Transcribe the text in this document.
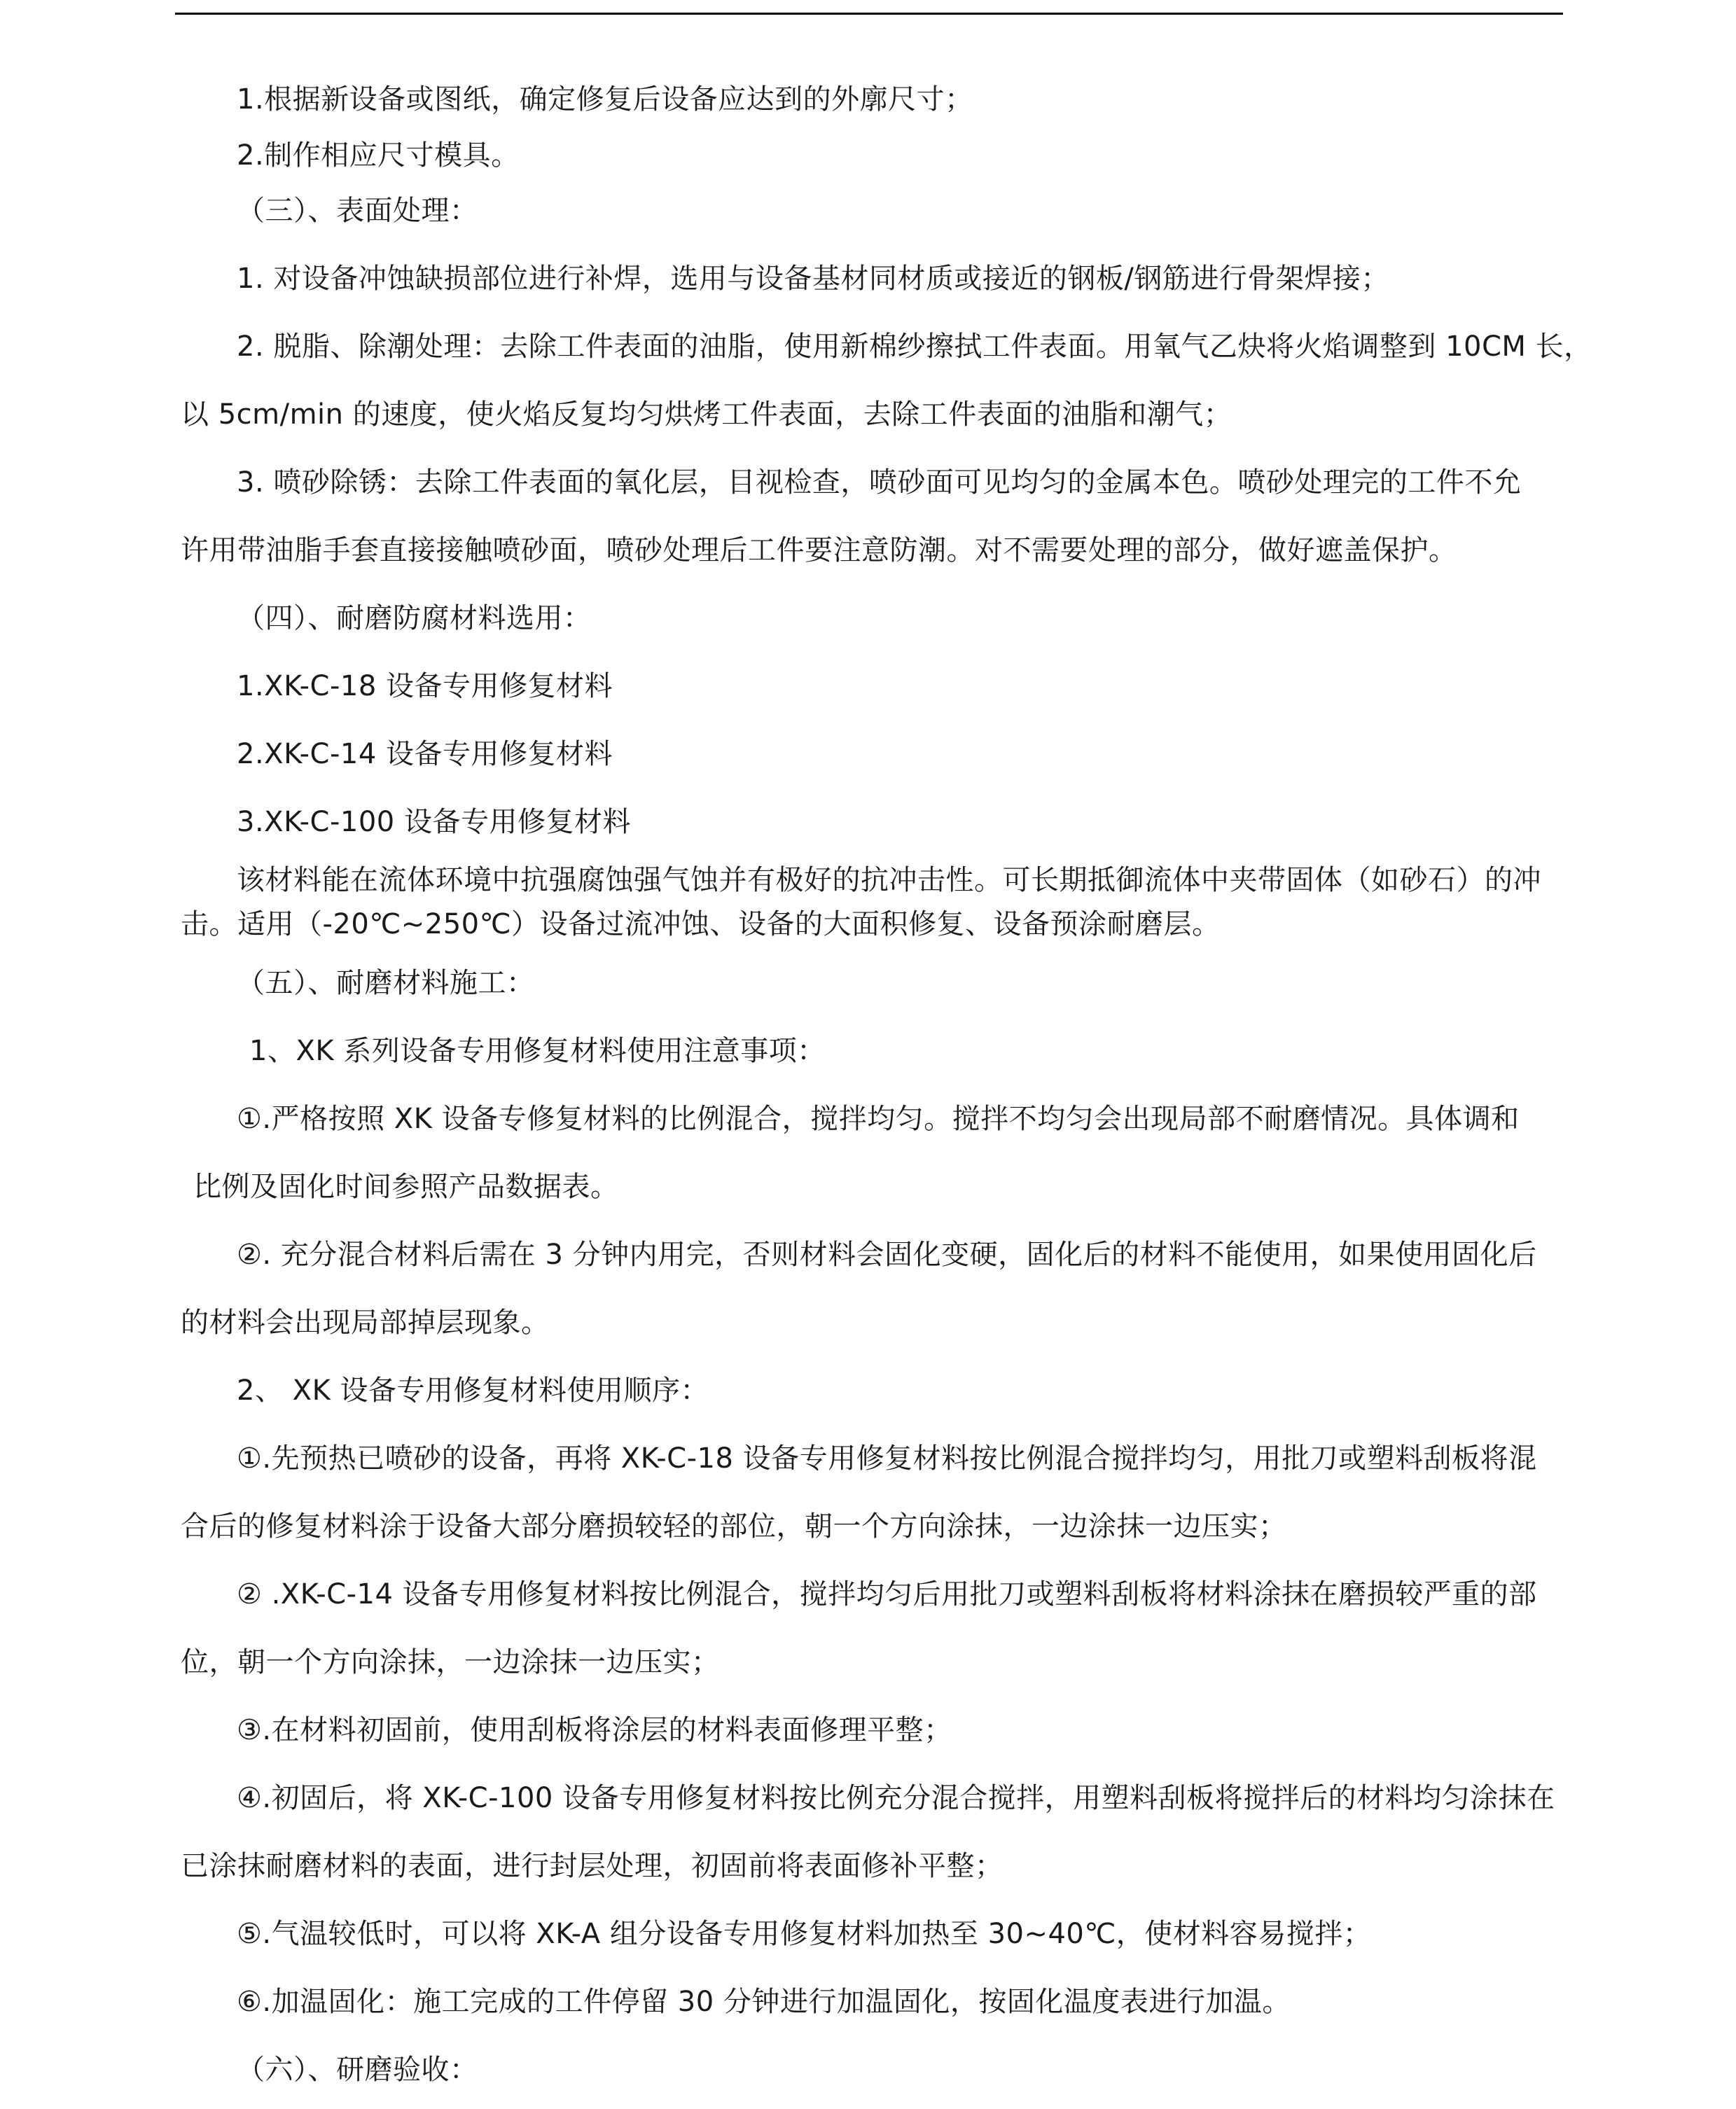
1.根据新设备或图纸，确定修复后设备应达到的外廓尺寸；
2.制作相应尺寸模具。
（三）、表面处理：
1. 对设备冲蚀缺损部位进行补焊，选用与设备基材同材质或接近的钢板/钢筋进行骨架焊接；
2. 脱脂、除潮处理：去除工件表面的油脂，使用新棉纱擦拭工件表面。用氧气乙炔将火焰调整到 10CM 长，
以 5cm/min 的速度，使火焰反复均匀烘烤工件表面，去除工件表面的油脂和潮气；
3. 喷砂除锈：去除工件表面的氧化层，目视检查，喷砂面可见均匀的金属本色。喷砂处理完的工件不允
许用带油脂手套直接接触喷砂面，喷砂处理后工件要注意防潮。对不需要处理的部分，做好遮盖保护。
（四）、耐磨防腐材料选用：
1.XK-C-18 设备专用修复材料
2.XK-C-14 设备专用修复材料
3.XK-C-100 设备专用修复材料
该材料能在流体环境中抗强腐蚀强气蚀并有极好的抗冲击性。可长期抵御流体中夹带固体（如砂石）的冲
击。适用（-20℃~250℃）设备过流冲蚀、设备的大面积修复、设备预涂耐磨层。
（五）、耐磨材料施工：
1、XK 系列设备专用修复材料使用注意事项：
①.严格按照 XK 设备专修复材料的比例混合，搅拌均匀。搅拌不均匀会出现局部不耐磨情况。具体调和
比例及固化时间参照产品数据表。
②. 充分混合材料后需在 3 分钟内用完，否则材料会固化变硬，固化后的材料不能使用，如果使用固化后
的材料会出现局部掉层现象。
2、 XK 设备专用修复材料使用顺序：
①.先预热已喷砂的设备，再将 XK-C-18 设备专用修复材料按比例混合搅拌均匀，用批刀或塑料刮板将混
合后的修复材料涂于设备大部分磨损较轻的部位，朝一个方向涂抹，一边涂抹一边压实；
② .XK-C-14 设备专用修复材料按比例混合，搅拌均匀后用批刀或塑料刮板将材料涂抹在磨损较严重的部
位，朝一个方向涂抹，一边涂抹一边压实；
③.在材料初固前，使用刮板将涂层的材料表面修理平整；
④.初固后，将 XK-C-100 设备专用修复材料按比例充分混合搅拌，用塑料刮板将搅拌后的材料均匀涂抹在
已涂抹耐磨材料的表面，进行封层处理，初固前将表面修补平整；
⑤.气温较低时，可以将 XK-A 组分设备专用修复材料加热至 30~40℃，使材料容易搅拌；
⑥.加温固化：施工完成的工件停留 30 分钟进行加温固化，按固化温度表进行加温。
（六）、研磨验收：
